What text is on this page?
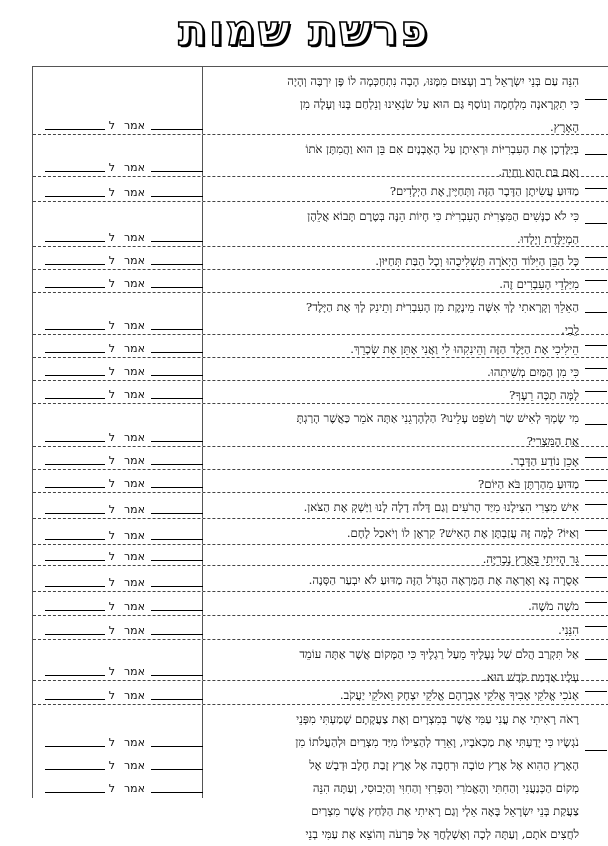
פרשת שמות
הִנֵּה עַם בְּנֵי יִשְׂרָאֵל רַב וְעָצוּם מִמֶּנּוּ, הָבָה נִתְחַכְּמָה לוֹ פֶּן יִרְבֶּה וְהָיָה
כִּי תִקְרֶאנָה מִלְחָמָה וְנוֹסַף גַּם הוּא עַל שֹׂנְאֵינוּ וְנִלְחַם בָּנוּ וְעָלָה מִן
הָאָרֶץ.
אמר
ל
בְּיַלֶּדְכֶן אֶת הָעִבְרִיּוֹת וּרְאִיתֶן עַל הָאָבְנָיִם אִם בֵּן הוּא וַהֲמִתֶּן אֹתוֹ
וְאִם בַּת הִוא וָחָיָה.
אמר
ל
מַדּוּעַ עֲשִׂיתֶן הַדָּבָר הַזֶּה וַתְּחַיֶּיןָ אֶת הַיְלָדִים?
אמר
ל
כִּי לֹא כַנָּשִׁים הַמִּצְרִיֹּת הָעִבְרִיֹּת כִּי חָיוֹת הֵנָּה בְּטֶרֶם תָּבוֹא אֲלֵהֶן
הַמְיַלֶּדֶת וְיָלָדוּ.
אמר
ל
כָּל הַבֵּן הַיִּלּוֹד הַיְאֹרָה תַּשְׁלִיכֻהוּ וְכָל הַבַּת תְּחַיּוּן.
אמר
ל
מִיַּלְדֵי הָעִבְרִים זֶה.
אמר
ל
הַאֵלֵךְ וְקָרָאתִי לָךְ אִשָּׁה מֵינֶקֶת מִן הָעִבְרִיֹּת וְתֵינִק לָךְ אֶת הַיָּלֶד?
לֵכִי.
אמר
ל
הֵילִיכִי אֶת הַיֶּלֶד הַזֶּה וְהֵינִקִהוּ לִי וַאֲנִי אֶתֵּן אֶת שְׂכָרֵךְ.
אמר
ל
כִּי מִן הַמַּיִם מְשִׁיתִהוּ.
אמר
ל
לָמָּה תַכֶּה רֵעֶךָ?
אמר
ל
מִי שָׂמְךָ לְאִישׁ שַׂר וְשֹׁפֵט עָלֵינוּ? הַלְהָרְגֵנִי אַתָּה אֹמֵר כַּאֲשֶׁר הָרַגְתָּ
אֶת הַמִּצְרִי?
אמר
ל
אָכֵן נוֹדַע הַדָּבָר.
אמר
ל
מַדּוּעַ מִהַרְתֶּן בֹּא הַיּוֹם?
אמר
ל
אִישׁ מִצְרִי הִצִּילָנוּ מִיַּד הָרֹעִים וְגַם דָּלֹה דָלָה לָנוּ וַיַּשְׁקְ אֶת הַצֹּאן.
אמר
ל
וְאַיּוֹ? לָמָּה זֶּה עֲזַבְתֶּן אֶת הָאִישׁ? קִרְאֶן לוֹ וְיֹאכַל לָחֶם.
אמר
ל
גֵּר הָיִיתִי בְּאֶרֶץ נָכְרִיָּה.
אמר
ל
אָסֻרָה נָּא וְאֶרְאֶה אֶת הַמַּרְאֶה הַגָּדֹל הַזֶּה מַדּוּעַ לֹא יִבְעַר הַסְּנֶה.
אמר
ל
מֹשֶׁה מֹשֶׁה.
אמר
ל
הִנֵּנִי.
אמר
ל
אַל תִּקְרַב הֲלֹם שַׁל נְעָלֶיךָ מֵעַל רַגְלֶיךָ כִּי הַמָּקוֹם אֲשֶׁר אַתָּה עוֹמֵד
עָלָיו אַדְמַת קֹדֶשׁ הוּא.
אמר
ל
אָנֹכִי אֱלֹקֵי אָבִיךָ אֱלֹקֵי אַבְרָהָם אֱלֹקֵי יִצְחָק וֵאלֹקֵי יַעֲקֹב.
אמר
ל
רָאֹה רָאִיתִי אֶת עֳנִי עַמִּי אֲשֶׁר בְּמִצְרָיִם וְאֶת צַעֲקָתָם שָׁמַעְתִּי מִפְּנֵי
נֹגְשָׂיו כִּי יָדַעְתִּי אֶת מַכְאֹבָיו, וָאֵרֵד לְהַצִּילוֹ מִיַּד מִצְרַיִם וּלְהַעֲלֹתוֹ מִן
הָאָרֶץ הַהִוא אֶל אֶרֶץ טוֹבָה וּרְחָבָה אֶל אֶרֶץ זָבַת חָלָב וּדְבָשׁ אֶל
מְקוֹם הַכְּנַעֲנִי וְהַחִתִּי וְהָאֱמֹרִי וְהַפְּרִזִּי וְהַחִוִּי וְהַיְבוּסִי, וְעַתָּה הִנֵּה
צַעֲקַת בְּנֵי יִשְׂרָאֵל בָּאָה אֵלָי וְגַם רָאִיתִי אֶת הַלַּחַץ אֲשֶׁר מִצְרַיִם
לֹחֲצִים אֹתָם, וְעַתָּה לְכָה וְאֶשְׁלָחֲךָ אֶל פַּרְעֹה וְהוֹצֵא אֶת עַמִּי בְנֵי
אמר
ל
אמר
ל
אמר
ל
